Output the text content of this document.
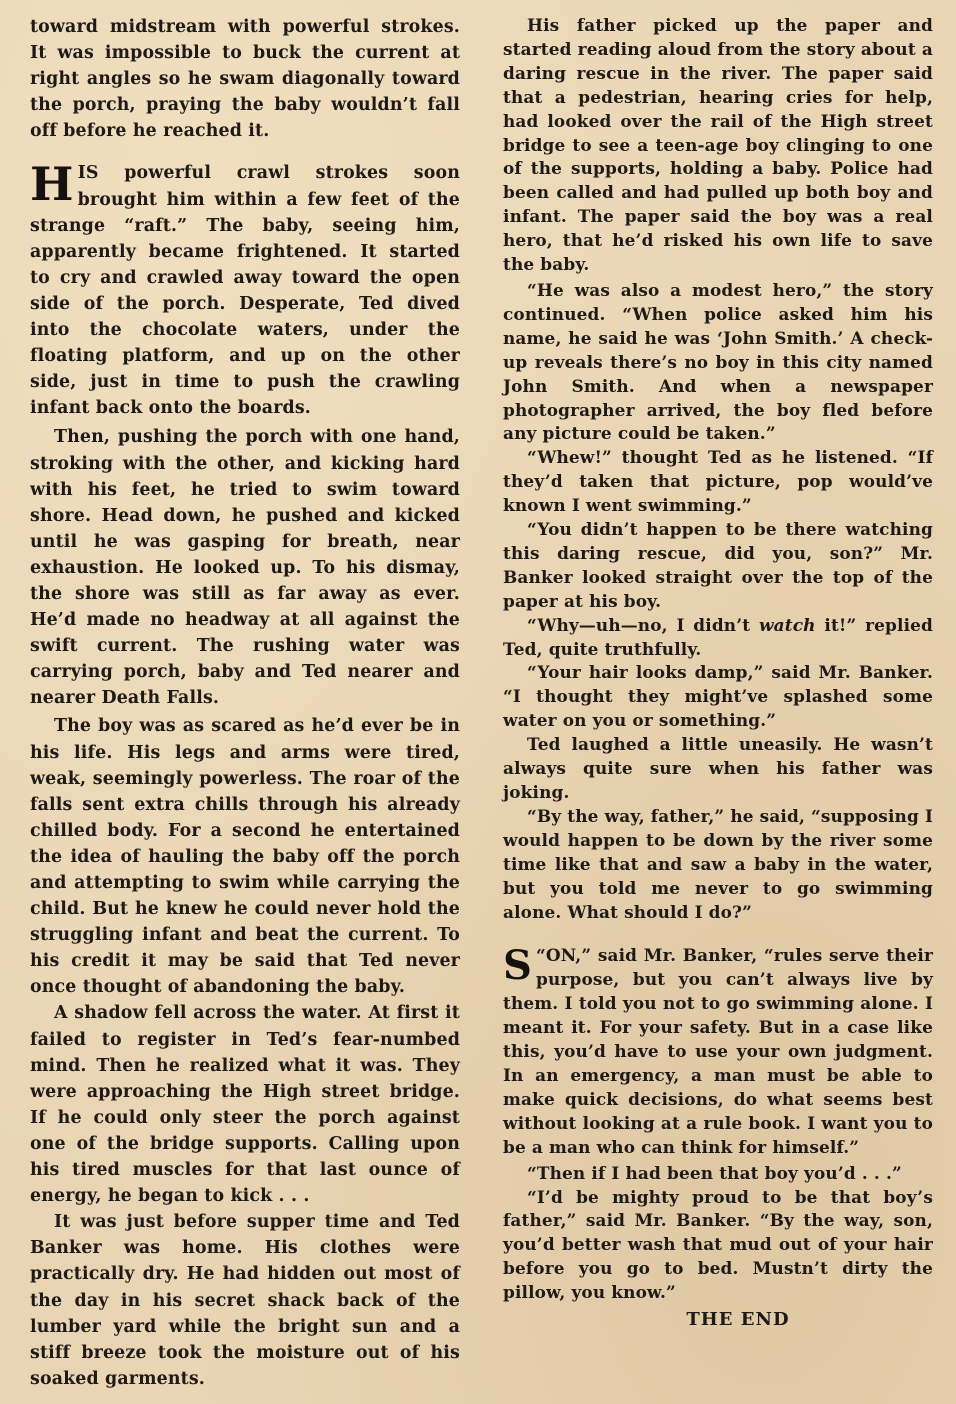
toward midstream with powerful strokes. It was impossible to buck the current at right angles so he swam diagonally toward the porch, praying the baby wouldn’t fall off before he reached it.

HIS powerful crawl strokes soon brought him within a few feet of the strange “raft.” The baby, seeing him, apparently became frightened. It started to cry and crawled away toward the open side of the porch. Desperate, Ted dived into the chocolate waters, under the floating platform, and up on the other side, just in time to push the crawling infant back onto the boards.

Then, pushing the porch with one hand, stroking with the other, and kicking hard with his feet, he tried to swim toward shore. Head down, he pushed and kicked until he was gasping for breath, near exhaustion. He looked up. To his dismay, the shore was still as far away as ever. He’d made no headway at all against the swift current. The rushing water was carrying porch, baby and Ted nearer and nearer Death Falls.

The boy was as scared as he’d ever be in his life. His legs and arms were tired, weak, seemingly powerless. The roar of the falls sent extra chills through his already chilled body. For a second he entertained the idea of hauling the baby off the porch and attempting to swim while carrying the child. But he knew he could never hold the struggling infant and beat the current. To his credit it may be said that Ted never once thought of abandoning the baby.

A shadow fell across the water. At first it failed to register in Ted’s fear-numbed mind. Then he realized what it was. They were approaching the High street bridge. If he could only steer the porch against one of the bridge supports. Calling upon his tired muscles for that last ounce of energy, he began to kick . . .

It was just before supper time and Ted Banker was home. His clothes were practically dry. He had hidden out most of the day in his secret shack back of the lumber yard while the bright sun and a stiff breeze took the moisture out of his soaked garments.

His father picked up the paper and started reading aloud from the story about a daring rescue in the river. The paper said that a pedestrian, hearing cries for help, had looked over the rail of the High street bridge to see a teen-age boy clinging to one of the supports, holding a baby. Police had been called and had pulled up both boy and infant. The paper said the boy was a real hero, that he’d risked his own life to save the baby.

“He was also a modest hero,” the story continued. “When police asked him his name, he said he was ‘John Smith.’ A check-up reveals there’s no boy in this city named John Smith. And when a newspaper photographer arrived, the boy fled before any picture could be taken.”

“Whew!” thought Ted as he listened. “If they’d taken that picture, pop would’ve known I went swimming.”

“You didn’t happen to be there watching this daring rescue, did you, son?” Mr. Banker looked straight over the top of the paper at his boy.

“Why—uh—no, I didn’t watch it!” replied Ted, quite truthfully.

“Your hair looks damp,” said Mr. Banker. “I thought they might’ve splashed some water on you or something.”

Ted laughed a little uneasily. He wasn’t always quite sure when his father was joking.

“By the way, father,” he said, “supposing I would happen to be down by the river some time like that and saw a baby in the water, but you told me never to go swimming alone. What should I do?”

“
S ON,” said Mr. Banker, “rules serve their purpose, but you can’t always live by them. I told you not to go swimming alone. I meant it. For your safety. But in a case like this, you’d have to use your own judgment. In an emergency, a man must be able to make quick decisions, do what seems best without looking at a rule book. I want you to be a man who can think for himself.”

“Then if I had been that boy you’d . . .”

“I’d be mighty proud to be that boy’s father,” said Mr. Banker. “By the way, son, you’d better wash that mud out of your hair before you go to bed. Mustn’t dirty the pillow, you know.”

THE END
